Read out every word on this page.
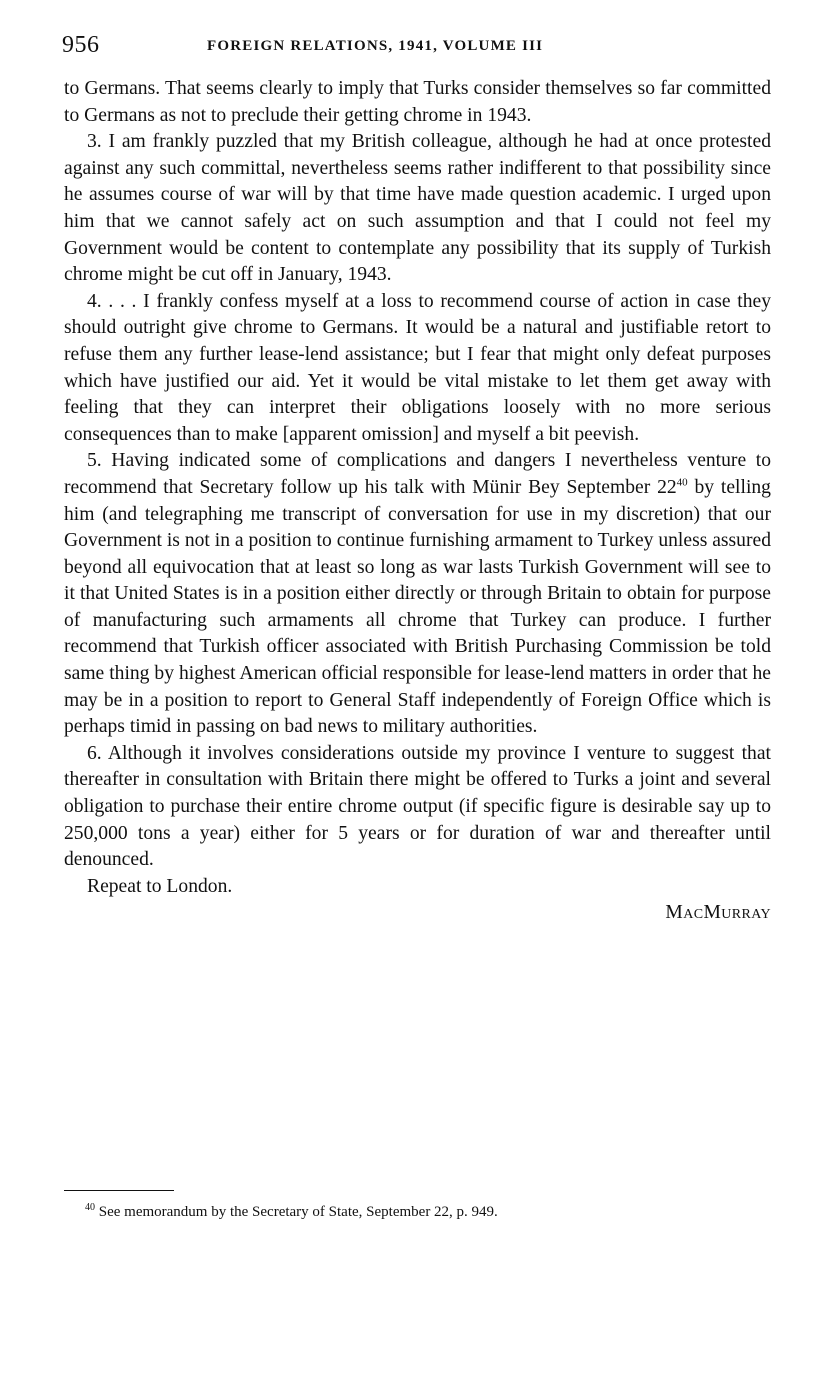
956	FOREIGN RELATIONS, 1941, VOLUME III

to Germans. That seems clearly to imply that Turks consider themselves so far committed to Germans as not to preclude their getting chrome in 1943.

3. I am frankly puzzled that my British colleague, although he had at once protested against any such committal, nevertheless seems rather indifferent to that possibility since he assumes course of war will by that time have made question academic. I urged upon him that we cannot safely act on such assumption and that I could not feel my Government would be content to contemplate any possibility that its supply of Turkish chrome might be cut off in January, 1943.

4. . . . I frankly confess myself at a loss to recommend course of action in case they should outright give chrome to Germans. It would be a natural and justifiable retort to refuse them any further lease-lend assistance; but I fear that might only defeat purposes which have justified our aid. Yet it would be vital mistake to let them get away with feeling that they can interpret their obligations loosely with no more serious consequences than to make [apparent omission] and myself a bit peevish.

5. Having indicated some of complications and dangers I nevertheless venture to recommend that Secretary follow up his talk with Münir Bey September 22$^{40}$ by telling him (and telegraphing me transcript of conversation for use in my discretion) that our Government is not in a position to continue furnishing armament to Turkey unless assured beyond all equivocation that at least so long as war lasts Turkish Government will see to it that United States is in a position either directly or through Britain to obtain for purpose of manufacturing such armaments all chrome that Turkey can produce. I further recommend that Turkish officer associated with British Purchasing Commission be told same thing by highest American official responsible for lease-lend matters in order that he may be in a position to report to General Staff independently of Foreign Office which is perhaps timid in passing on bad news to military authorities.

6. Although it involves considerations outside my province I venture to suggest that thereafter in consultation with Britain there might be offered to Turks a joint and several obligation to purchase their entire chrome output (if specific figure is desirable say up to 250,000 tons a year) either for 5 years or for duration of war and thereafter until denounced.

Repeat to London.

MacMurray

$^{40}$ See memorandum by the Secretary of State, September 22, p. 949.
